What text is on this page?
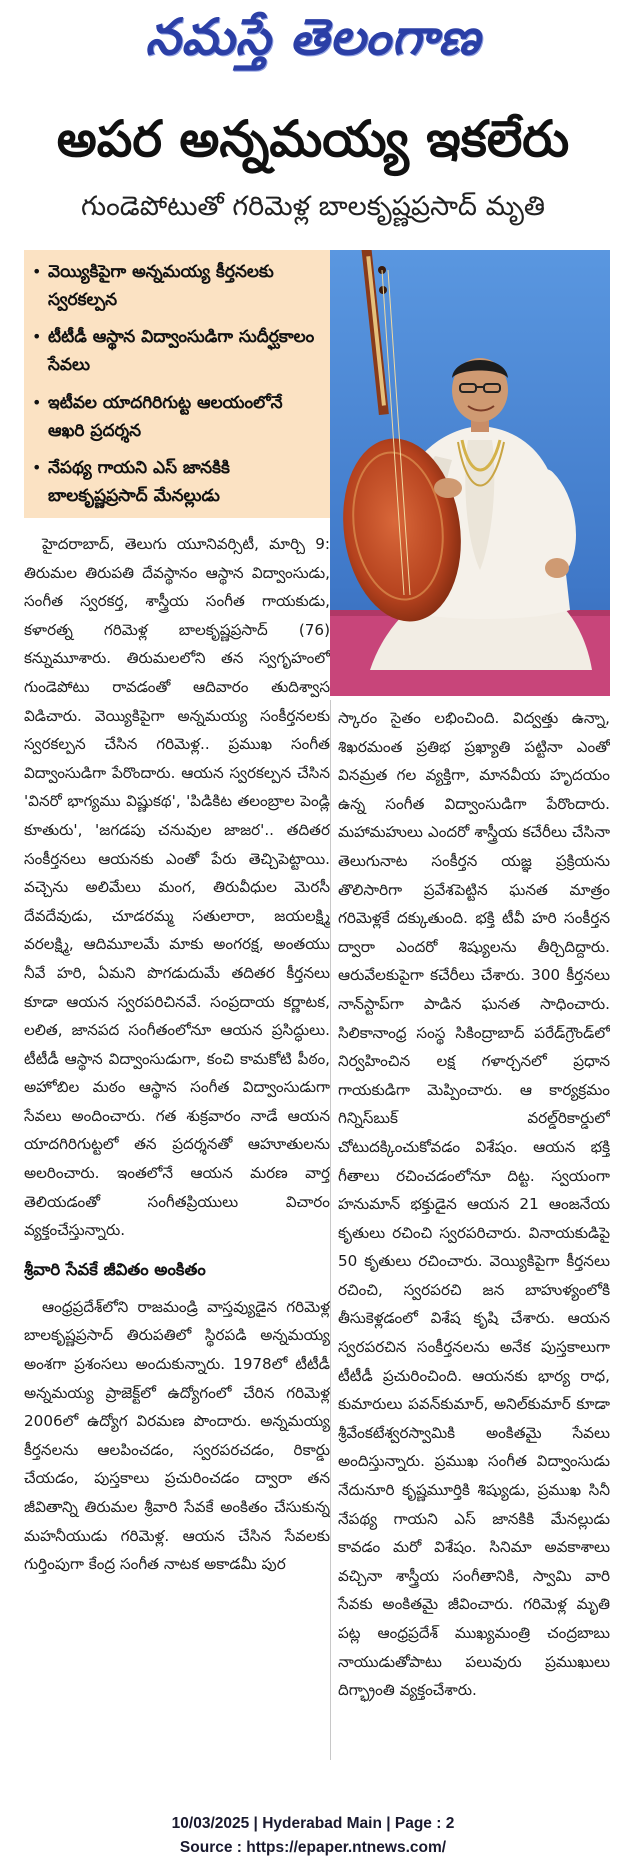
నమస్తే తెలంగాణ
అపర అన్నమయ్య ఇకలేరు
గుండెపోటుతో గరిమెళ్ల బాలకృష్ణప్రసాద్ మృతి
• వెయ్యికిపైగా అన్నమయ్య కీర్తనలకు స్వరకల్పన
• టీటీడీ ఆస్థాన విద్వాంసుడిగా సుదీర్ఘకాలం సేవలు
• ఇటీవల యాదగిరిగుట్ట ఆలయంలోనే ఆఖరి ప్రదర్శన
• నేపథ్య గాయని ఎస్‌ జానకికి బాలకృష్ణప్రసాద్‌ మేనల్లుడు

హైదరాబాద్‌, తెలుగు యూనివర్సిటీ, మార్చి 9: తిరుమల తిరుపతి దేవస్థానం ఆస్థాన విద్వాంసుడు, సంగీత స్వరకర్త, శాస్త్రీయ సంగీత గాయకుడు, కళారత్న గరిమెళ్ల బాలకృష్ణప్రసాద్‌ (76) కన్నుమూశారు. తిరుమలలోని తన స్వగృహంలో గుండెపోటు రావడంతో ఆదివారం తుదిశ్వాస విడిచారు. వెయ్యికిపైగా అన్నమయ్య సంకీర్తనలకు స్వరకల్పన చేసిన గరిమెళ్ల.. ప్రముఖ సంగీత విద్వాంసుడిగా పేరొందారు. ఆయన స్వరకల్పన చేసిన 'వినరో భాగ్యము విష్ణుకథ', 'పిడికిట తలంబ్రాల పెండ్లి కూతురు', 'జగడపు చనువుల జాజర'.. తదితర సంకీర్తనలు ఆయనకు ఎంతో పేరు తెచ్చిపెట్టాయి. వచ్చెను అలిమేలు మంగ, తిరువీధుల మెరసీ దేవదేవుడు, చూడరమ్మ సతులారా, జయలక్ష్మి వరలక్ష్మి, ఆదిమూలమే మాకు అంగరక్ష, అంతయు నీవే హరి, ఏమని పొగడుదుమే తదితర కీర్తనలు కూడా ఆయన స్వరపరిచినవే. సంప్రదాయ కర్ణాటక, లలిత, జానపద సంగీతంలోనూ ఆయన ప్రసిద్ధులు. టీటీడీ ఆస్థాన విద్వాంసుడుగా, కంచి కామకోటి పీఠం, అహోబిల మఠం ఆస్థాన సంగీత విద్వాంసుడుగా సేవలు అందించారు. గత శుక్రవారం నాడే ఆయన యాదగిరిగుట్టలో తన ప్రదర్శనతో ఆహూతులను అలరించారు. ఇంతలోనే ఆయన మరణ వార్త తెలియడంతో సంగీతప్రియులు విచారం వ్యక్తంచేస్తున్నారు.

శ్రీవారి సేవకే జీవితం అంకితం

ఆంధ్రప్రదేశ్‌లోని రాజమండ్రి వాస్తవ్యుడైన గరిమెళ్ల బాలకృష్ణప్రసాద్‌ తిరుపతిలో స్థిరపడి అన్నమయ్య అంశగా ప్రశంసలు అందుకున్నారు. 1978లో టీటీడీ అన్నమయ్య ప్రాజెక్ట్‌లో ఉద్యోగంలో చేరిన గరిమెళ్ల 2006లో ఉద్యోగ విరమణ పొందారు. అన్నమయ్య కీర్తనలను ఆలపించడం, స్వరపరచడం, రికార్డు చేయడం, పుస్తకాలు ప్రచురించడం ద్వారా తన జీవితాన్ని తిరుమల శ్రీవారి సేవకే అంకితం చేసుకున్న మహనీయుడు గరిమెళ్ల. ఆయన చేసిన సేవలకు గుర్తింపుగా కేంద్ర సంగీత నాటక అకాడమీ పుర

స్కారం సైతం లభించింది. విద్వత్తు ఉన్నా, శిఖరమంత ప్రతిభ ప్రఖ్యాతి పట్టినా ఎంతో వినమ్రత గల వ్యక్తిగా, మానవీయ హృదయం ఉన్న సంగీత విద్వాంసుడిగా పేరొందారు. మహామహులు ఎందరో శాస్త్రీయ కచేరీలు చేసినా తెలుగునాట సంకీర్తన యజ్ఞ ప్రక్రియను తొలిసారిగా ప్రవేశపెట్టిన ఘనత మాత్రం గరిమెళ్లకే దక్కుతుంది. భక్తి టీవీ హరి సంకీర్తన ద్వారా ఎందరో శిష్యులను తీర్చిదిద్దారు. ఆరువేలకుపైగా కచేరీలు చేశారు. 300 కీర్తనలు నాన్‌స్టాప్‌గా పాడిన ఘనత సాధించారు. సిలికానాంధ్ర సంస్థ సికింద్రాబాద్‌ పరేడ్‌గ్రౌండ్‌లో నిర్వహించిన లక్ష గళార్చనలో ప్రధాన గాయకుడిగా మెప్పించారు. ఆ కార్యక్రమం గిన్నిస్‌బుక్‌ వరల్డ్‌రికార్డులో చోటుదక్కించుకోవడం విశేషం. ఆయన భక్తి గీతాలు రచించడంలోనూ దిట్ట. స్వయంగా హనుమాన్‌ భక్తుడైన ఆయన 21 ఆంజనేయ కృతులు రచించి స్వరపరిచారు. వినాయకుడిపై 50 కృతులు రచించారు. వెయ్యికిపైగా కీర్తనలు రచించి, స్వరపరచి జన బాహుళ్యంలోకి తీసుకెళ్లడంలో విశేష కృషి చేశారు. ఆయన స్వరపరచిన సంకీర్తనలను అనేక పుస్తకాలుగా టీటీడీ ప్రచురించింది. ఆయనకు భార్య రాధ, కుమారులు పవన్‌కుమార్‌, అనిల్‌కుమార్‌ కూడా శ్రీవేంకటేశ్వరస్వామికి అంకితమై సేవలు అందిస్తున్నారు. ప్రముఖ సంగీత విద్వాంసుడు నేదునూరి కృష్ణమూర్తికి శిష్యుడు, ప్రముఖ సినీ నేపథ్య గాయని ఎస్‌ జానకికి మేనల్లుడు కావడం మరో విశేషం. సినిమా అవకాశాలు వచ్చినా శాస్త్రీయ సంగీతానికి, స్వామి వారి సేవకు అంకితమై జీవించారు. గరిమెళ్ల మృతి పట్ల ఆంధ్రప్రదేశ్‌ ముఖ్యమంత్రి చంద్రబాబు నాయుడుతోపాటు పలువురు ప్రముఖులు దిగ్భ్రాంతి వ్యక్తంచేశారు.

10/03/2025 | Hyderabad Main | Page : 2
Source : https://epaper.ntnews.com/
